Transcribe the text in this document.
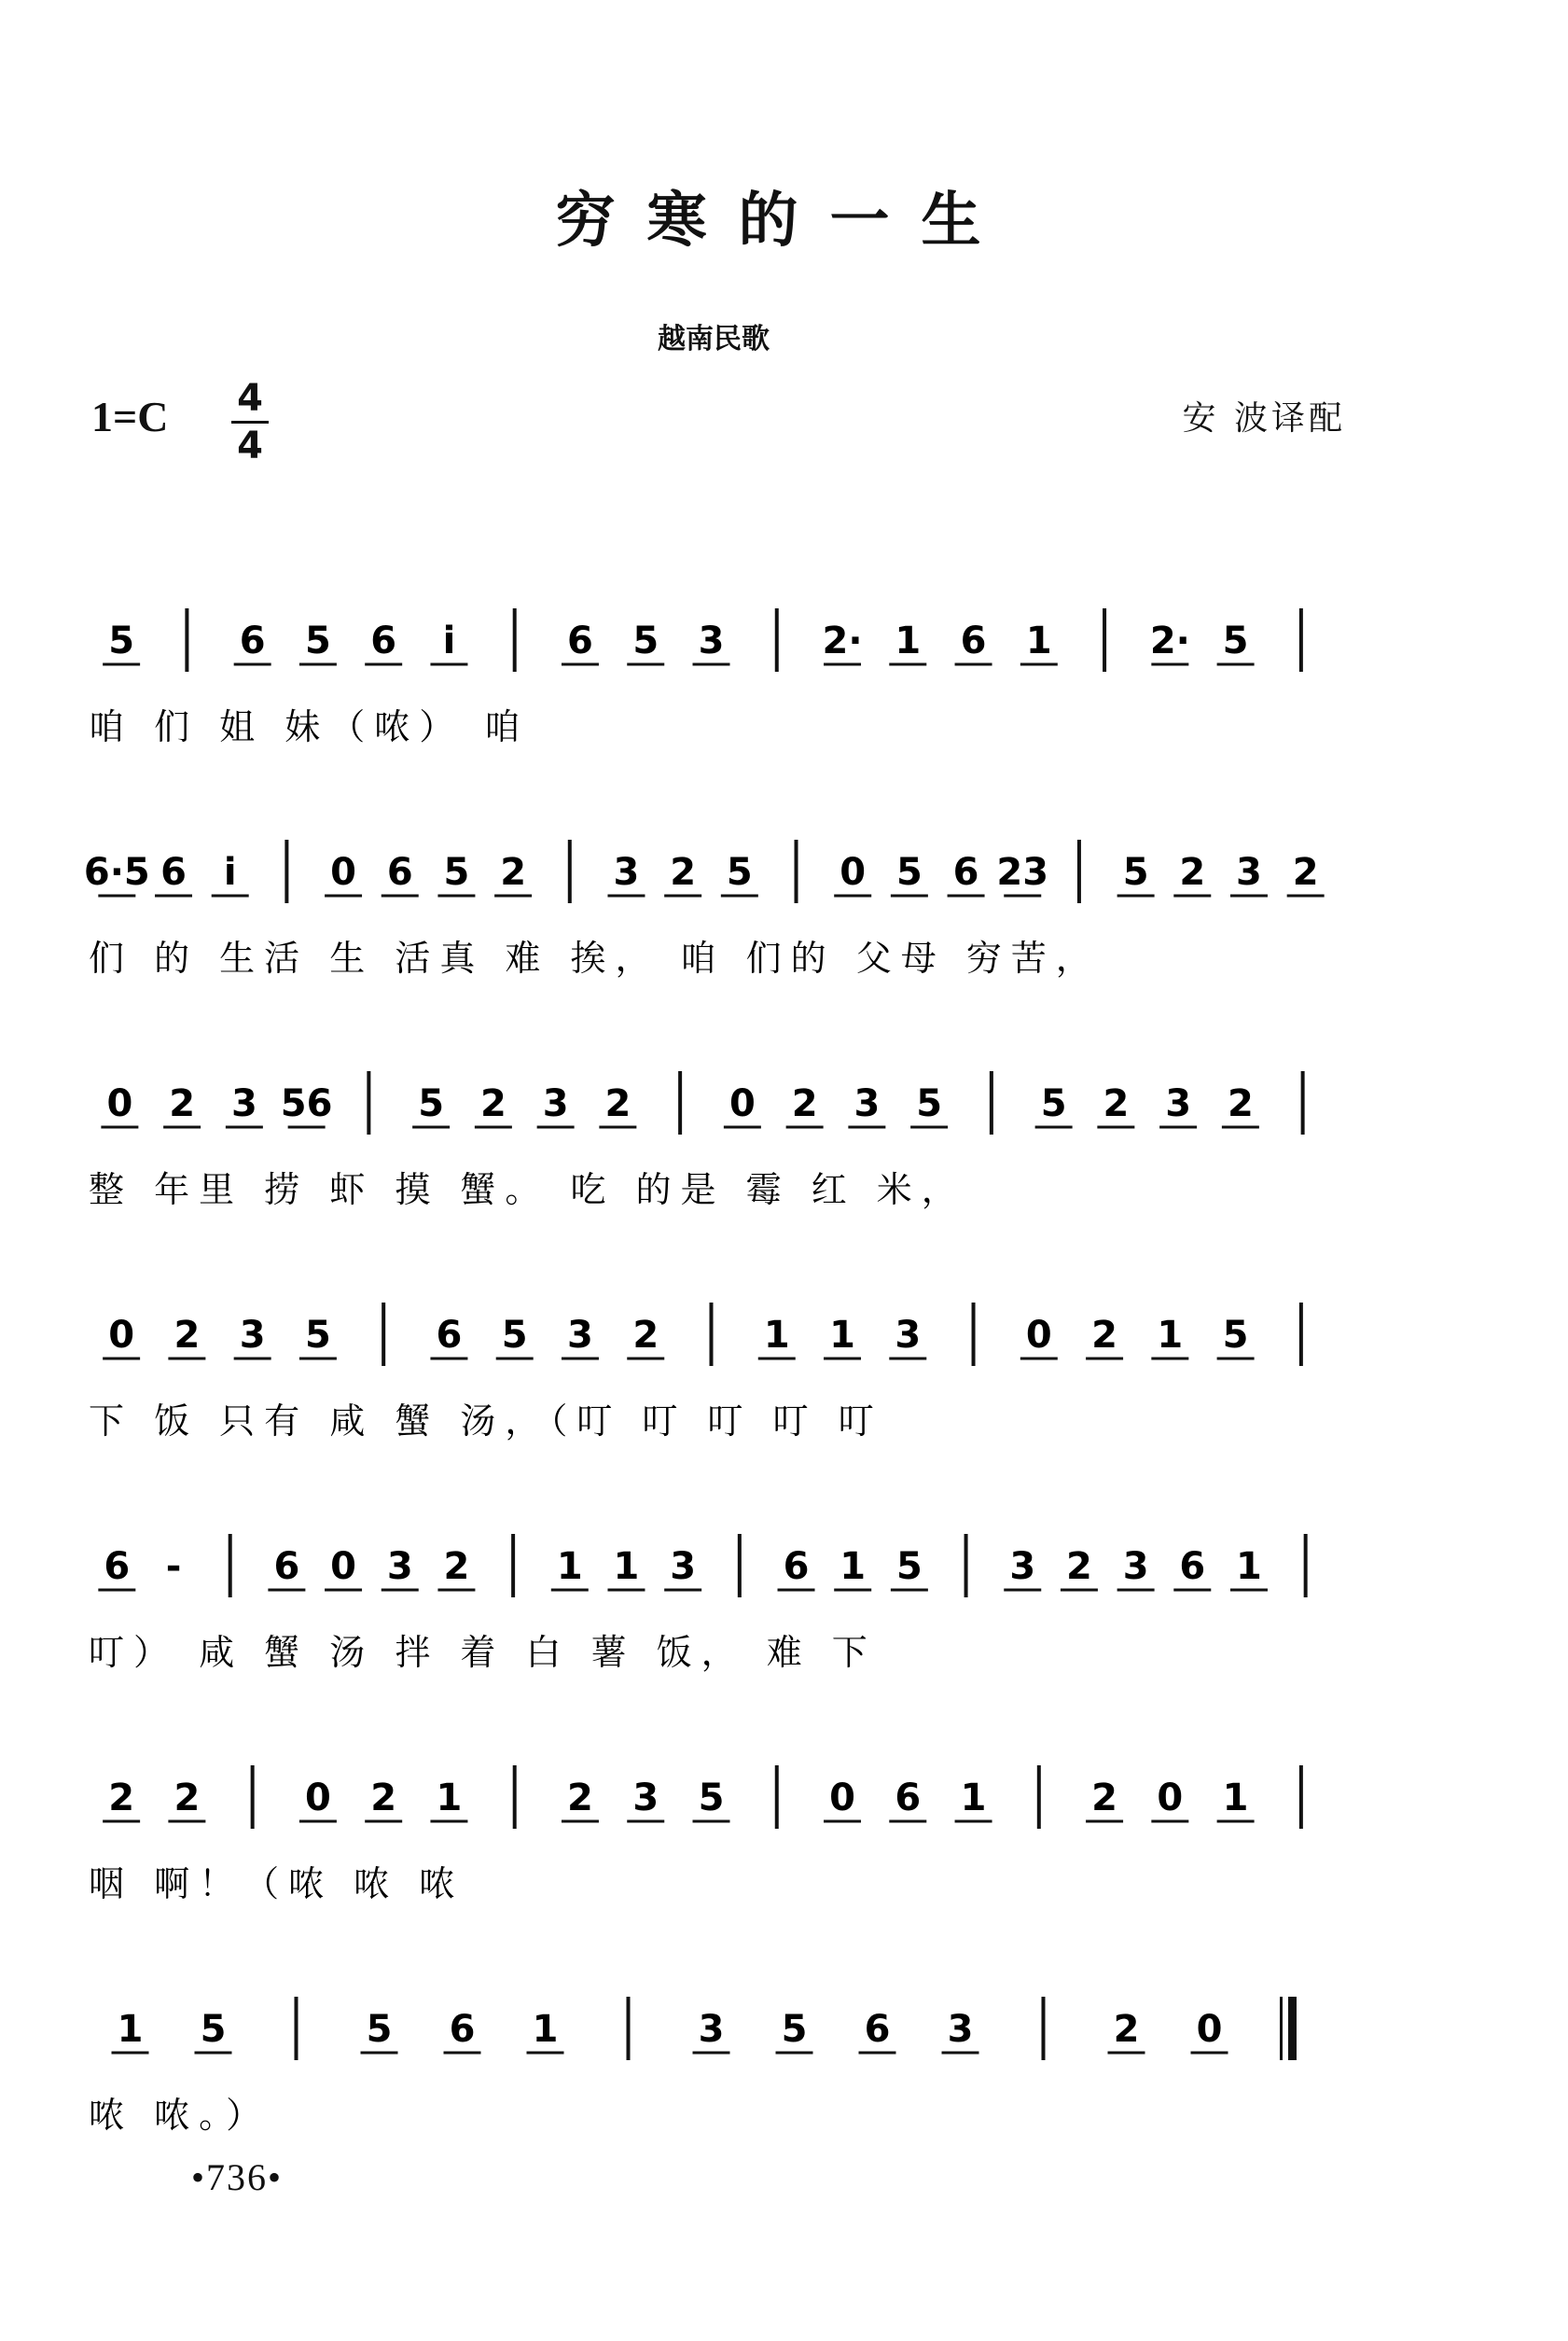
穷寒的一生
越南民歌
1=C 4
4
安 波译配
5	6 5 6 i	6 5 3	2· 1 6 1	2· 5
咱 们 姐 妹（哝） 咱
6·5 6 i	0 6 5 2 3 2 5 0 5 6 23 5 2 3 2
们 的 生活 生 活真 难 挨， 咱 们的 父母 穷苦，
0 2 3 56 5 2 3 2	0 2 3 5	5 2 3 2
整 年里 捞 虾 摸 蟹。 吃 的是 霉 红 米，
0 2 3 5	6 5 3 2	1 1 3	0 2 1 5
下 饭 只有 咸 蟹 汤，（叮 叮 叮 叮 叮
6 - 6 0 3 2 1 1 3 6 1 5 3 2 3 6 1
叮） 咸 蟹 汤 拌 着 白 薯 饭， 难 下
2 2	0 2 1	2 3 5	0 6 1	2 0 1
咽 啊！（哝 哝 哝
1 5	5 6 1	3 5 6 3	2 0
哝 哝。）
•736•
